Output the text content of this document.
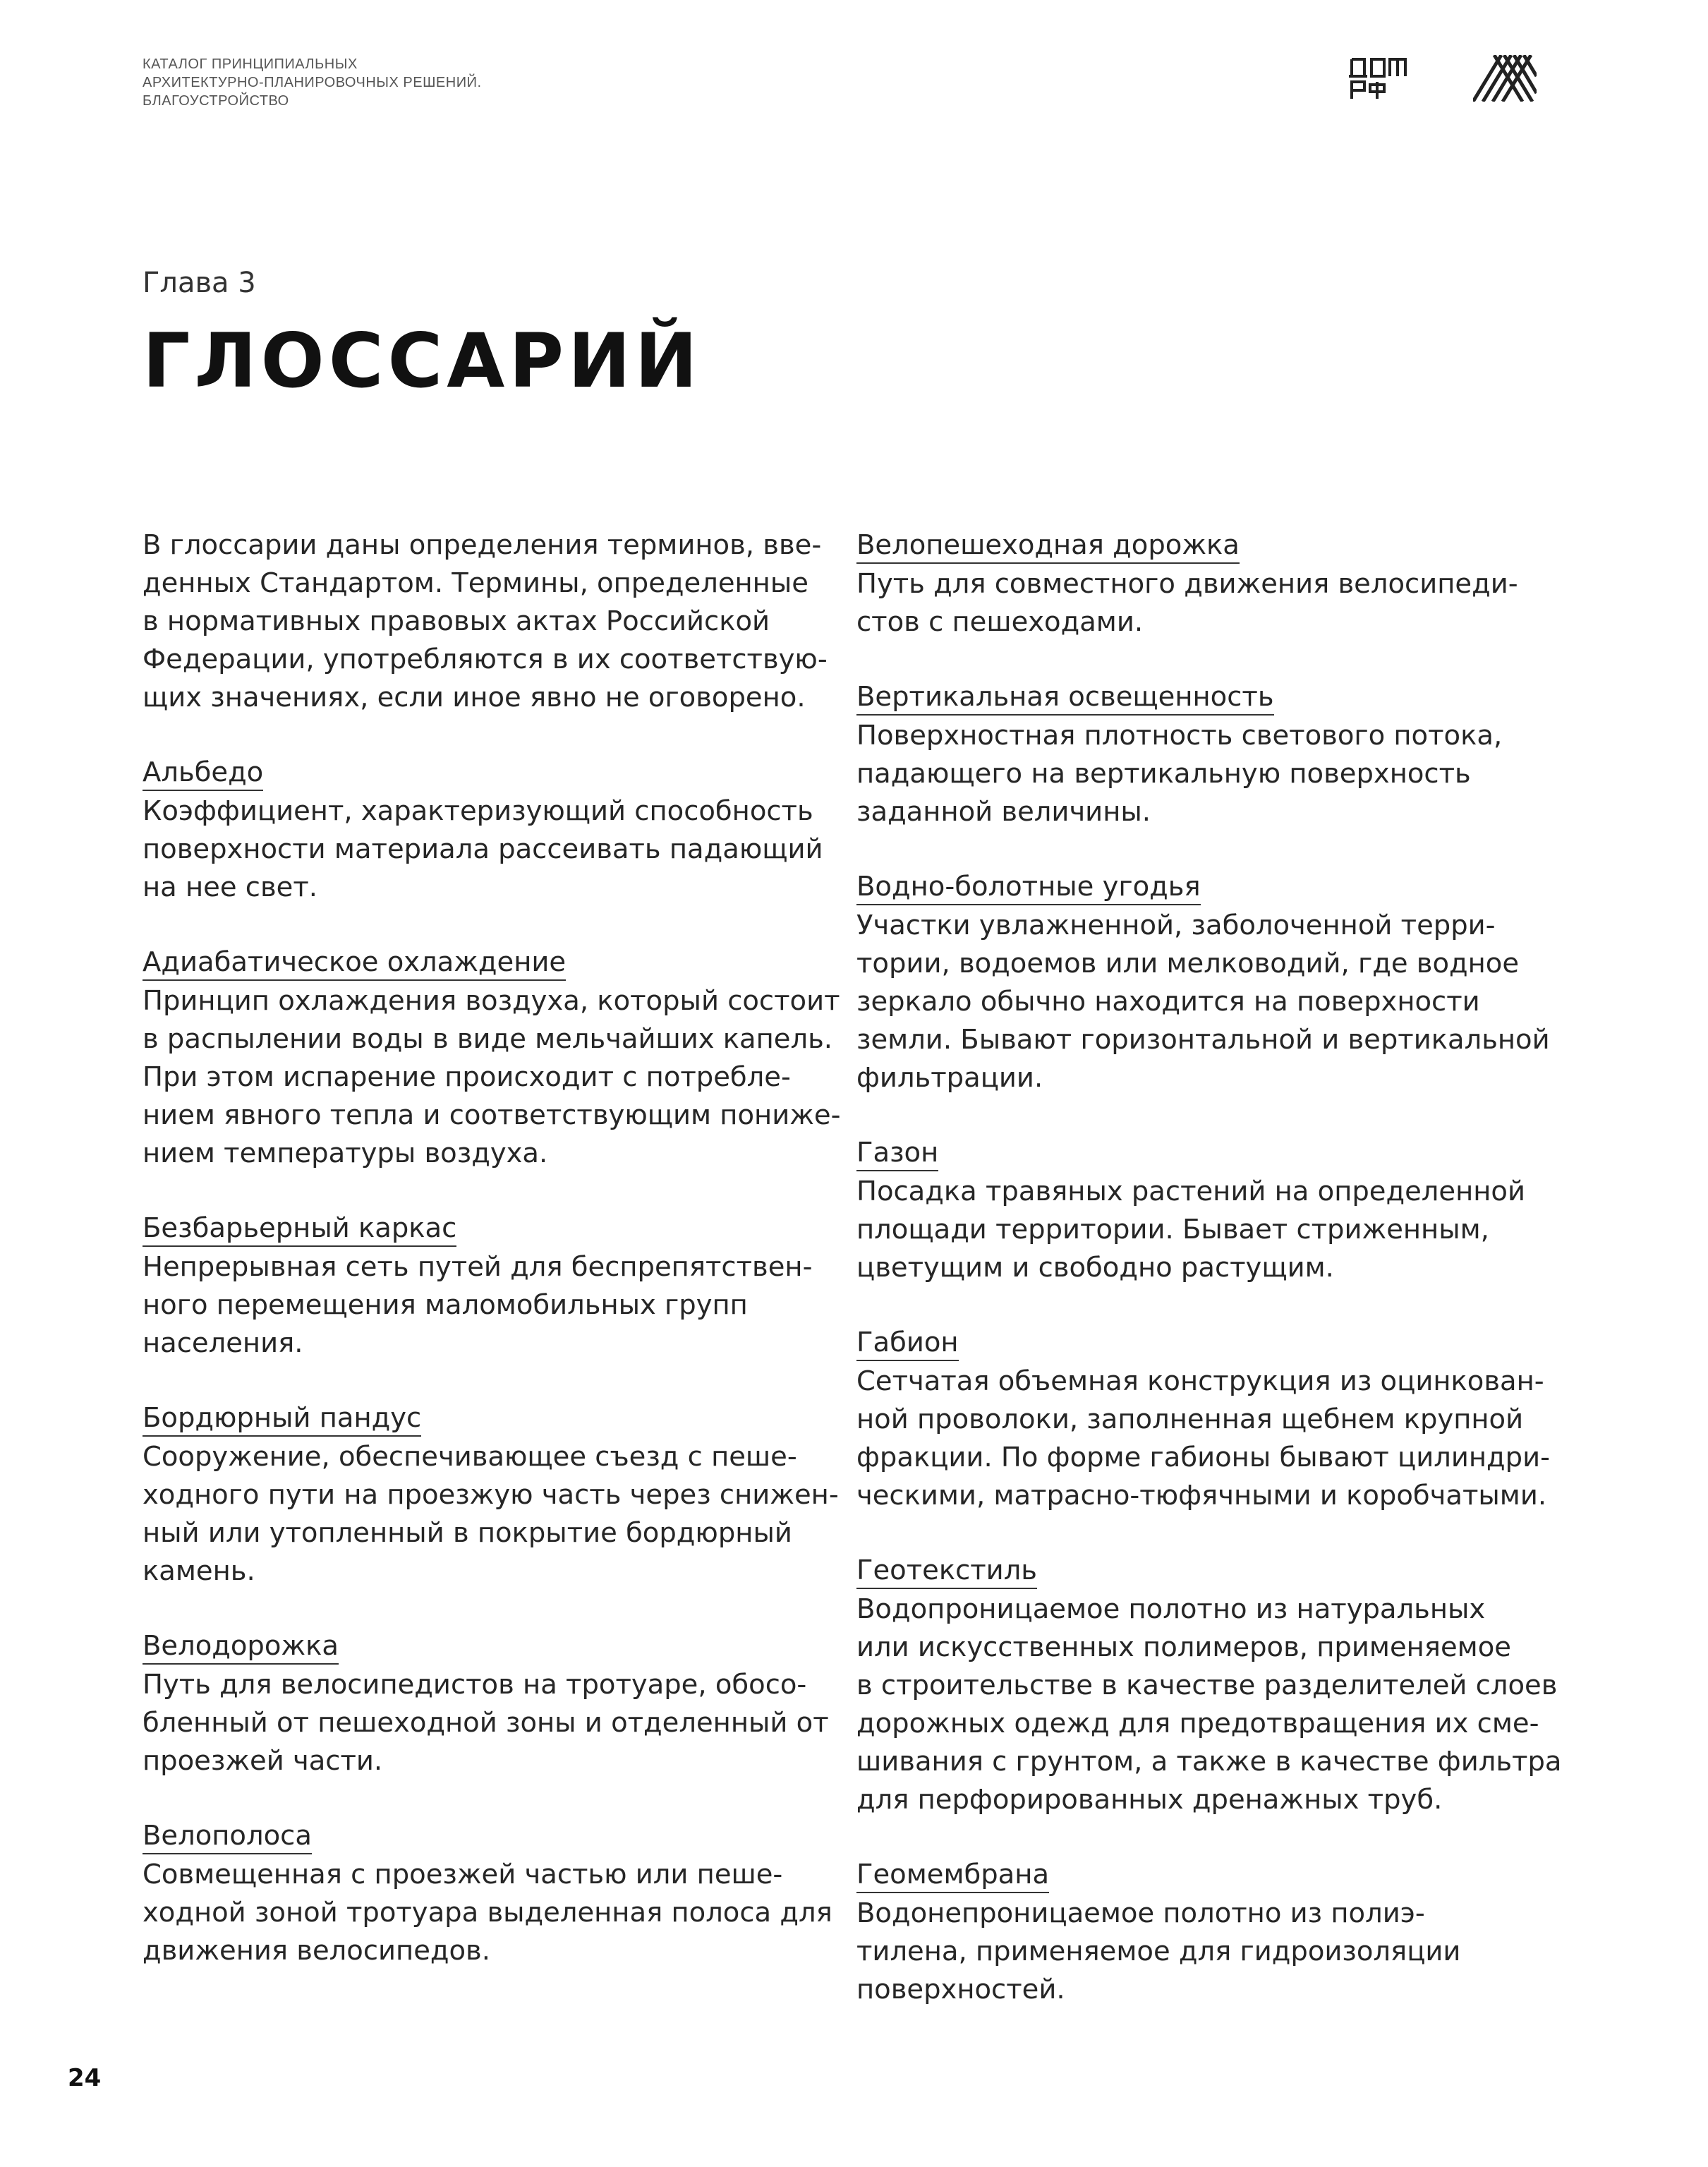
КАТАЛОГ ПРИНЦИПИАЛЬНЫХ
АРХИТЕКТУРНО-ПЛАНИРОВОЧНЫХ РЕШЕНИЙ.
БЛАГОУСТРОЙСТВО
Глава 3
ГЛОССАРИЙ
В глоссарии даны определения терминов, вве-
денных Стандартом. Термины, определенные
в нормативных правовых актах Российской
Федерации, употребляются в их соответствую-
щих значениях, если иное явно не оговорено.
Альбедо
Коэффициент, характеризующий способность
поверхности материала рассеивать падающий
на нее свет.
Адиабатическое охлаждение
Принцип охлаждения воздуха, который состоит
в распылении воды в виде мельчайших капель.
При этом испарение происходит с потребле-
нием явного тепла и соответствующим понижe-
нием температуры воздуха.
Безбарьерный каркас
Непрерывная сеть путей для беспрепятствен-
ного перемещения маломобильных групп
населения.
Бордюрный пандус
Сооружение, обеспечивающее съезд с пеше-
ходного пути на проезжую часть через снижен-
ный или утопленный в покрытие бордюрный
камень.
Велодорожка
Путь для велосипедистов на тротуаре, обосо-
бленный от пешеходной зоны и отделенный от
проезжей части.
Велополоса
Совмещенная с проезжей частью или пеше-
ходной зоной тротуара выделенная полоса для
движения велосипедов.
Велопешеходная дорожка
Путь для совместного движения велосипеди-
стов с пешеходами.
Вертикальная освещенность
Поверхностная плотность светового потока,
падающего на вертикальную поверхность
заданной величины.
Водно-болотные угодья
Участки увлажненной, заболоченной терри-
тории, водоемов или мелководий, где водное
зеркало обычно находится на поверхности
земли. Бывают горизонтальной и вертикальной
фильтрации.
Газон
Посадка травяных растений на определенной
площади территории. Бывает стриженным,
цветущим и свободно растущим.
Габион
Сетчатая объемная конструкция из оцинкован-
ной проволоки, заполненная щебнем крупной
фракции. По форме габионы бывают цилиндри-
ческими, матрасно-тюфячными и коробчатыми.
Геотекстиль
Водопроницаемое полотно из натуральных
или искусственных полимеров, применяемое
в строительстве в качестве разделителей слоев
дорожных одежд для предотвращения их сме-
шивания с грунтом, а также в качестве фильтра
для перфорированных дренажных труб.
Геомембрана
Водонепроницаемое полотно из полиэ-
тилена, применяемое для гидроизоляции
поверхностей.
24
